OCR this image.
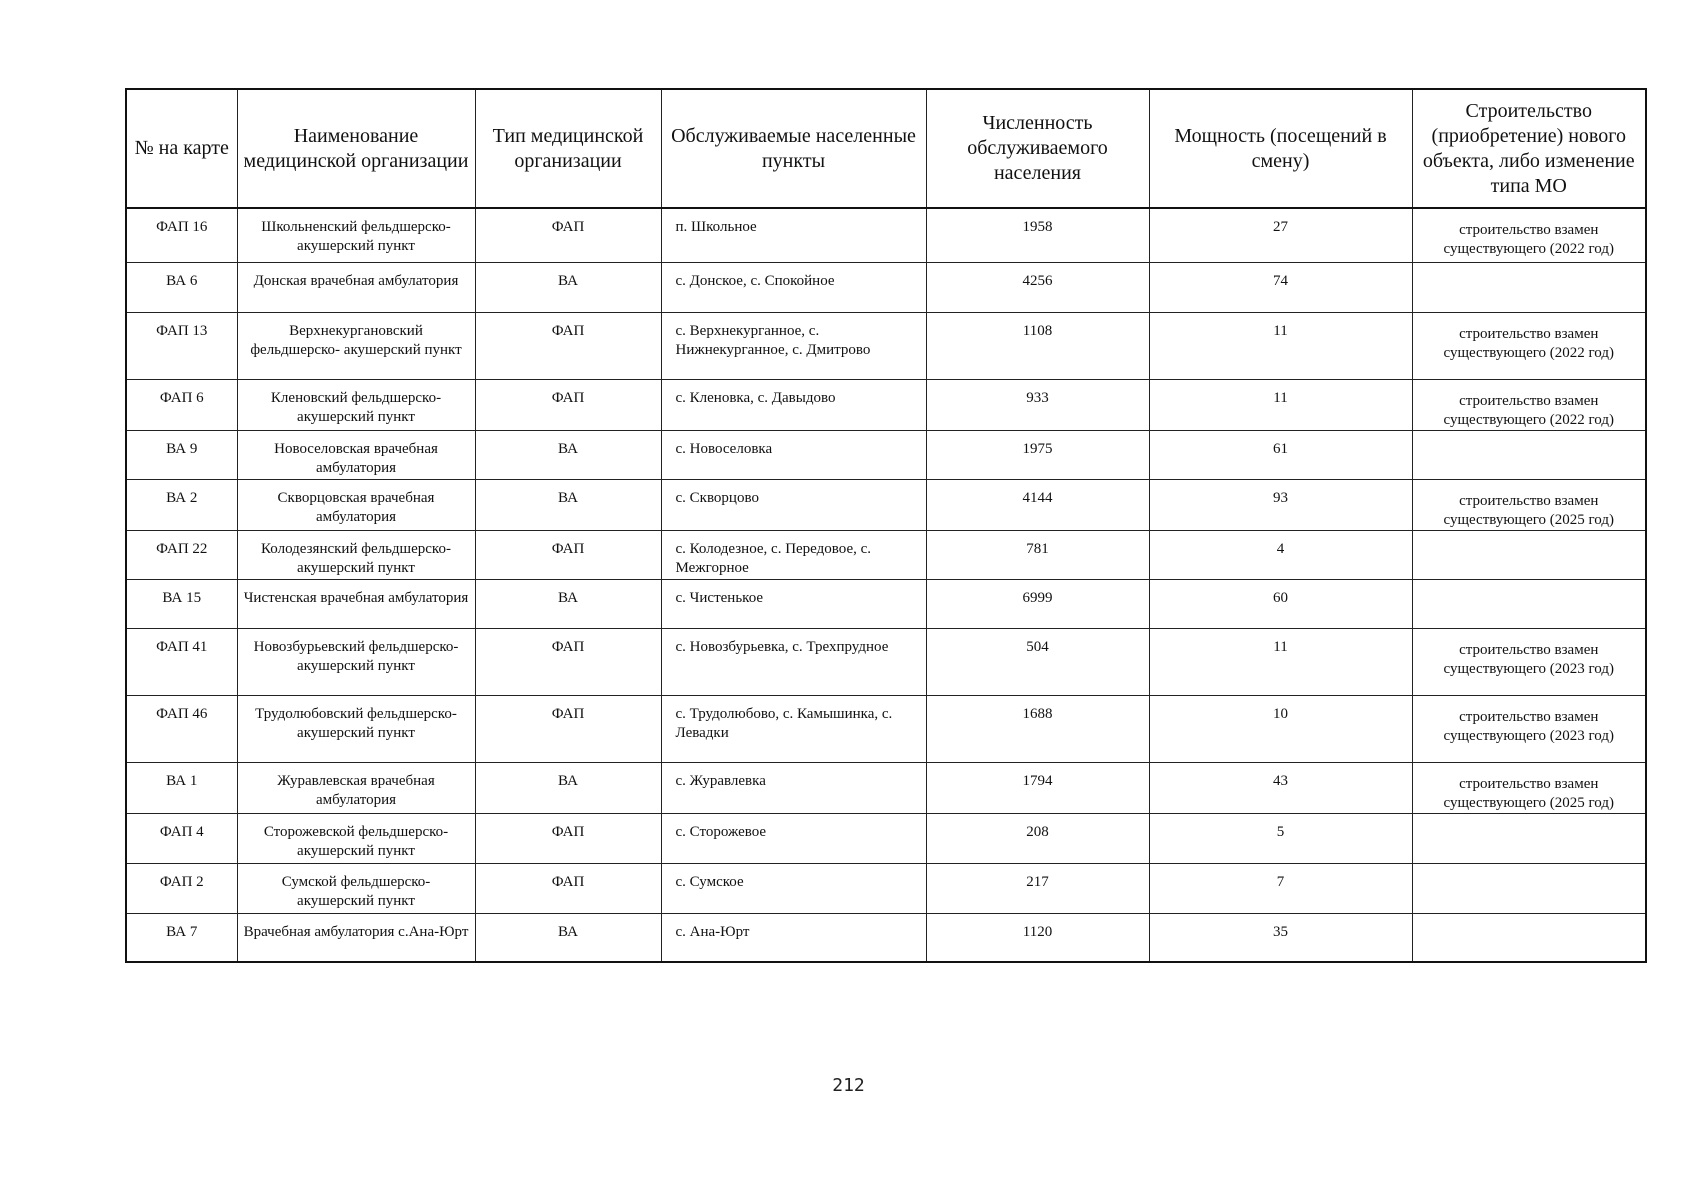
№ на карте	Наименование медицинской организации	Тип медицинской организации	Обслуживаемые населенные пункты	Численность обслуживаемого населения	Мощность (посещений в смену)	Строительство (приобретение) нового объекта, либо изменение типа МО
ФАП 16	Школьненский фельдшерско-акушерский пункт	ФАП	п. Школьное	1958	27	строительство взамен существующего (2022 год)
ВА 6	Донская врачебная амбулатория	ВА	с. Донское, с. Спокойное	4256	74	
ФАП 13	Верхнекургановский фельдшерско- акушерский пункт	ФАП	с. Верхнекурганное, с. Нижнекурганное, с. Дмитрово	1108	11	строительство взамен существующего (2022 год)
ФАП 6	Кленовский фельдшерско-акушерский пункт	ФАП	с. Кленовка, с. Давыдово	933	11	строительство взамен существующего (2022 год)
ВА 9	Новоселовская врачебная амбулатория	ВА	с. Новоселовка	1975	61	
ВА 2	Скворцовская врачебная амбулатория	ВА	с. Скворцово	4144	93	строительство взамен существующего (2025 год)
ФАП 22	Колодезянский фельдшерско-акушерский пункт	ФАП	с. Колодезное, с. Передовое, с. Межгорное	781	4	
ВА 15	Чистенская врачебная амбулатория	ВА	с. Чистенькое	6999	60	
ФАП 41	Новозбурьевский фельдшерско- акушерский пункт	ФАП	с. Новозбурьевка, с. Трехпрудное	504	11	строительство взамен существующего (2023 год)
ФАП 46	Трудолюбовский фельдшерско- акушерский пункт	ФАП	с. Трудолюбово, с. Камышинка, с. Левадки	1688	10	строительство взамен существующего (2023 год)
ВА 1	Журавлевская врачебная амбулатория	ВА	с. Журавлевка	1794	43	строительство взамен существующего (2025 год)
ФАП 4	Сторожевской фельдшерско-акушерский пункт	ФАП	с. Сторожевое	208	5	
ФАП 2	Сумской фельдшерско-акушерский пункт	ФАП	с. Сумское	217	7	
ВА 7	Врачебная амбулатория с.Ана-Юрт	ВА	с. Ана-Юрт	1120	35	
212
